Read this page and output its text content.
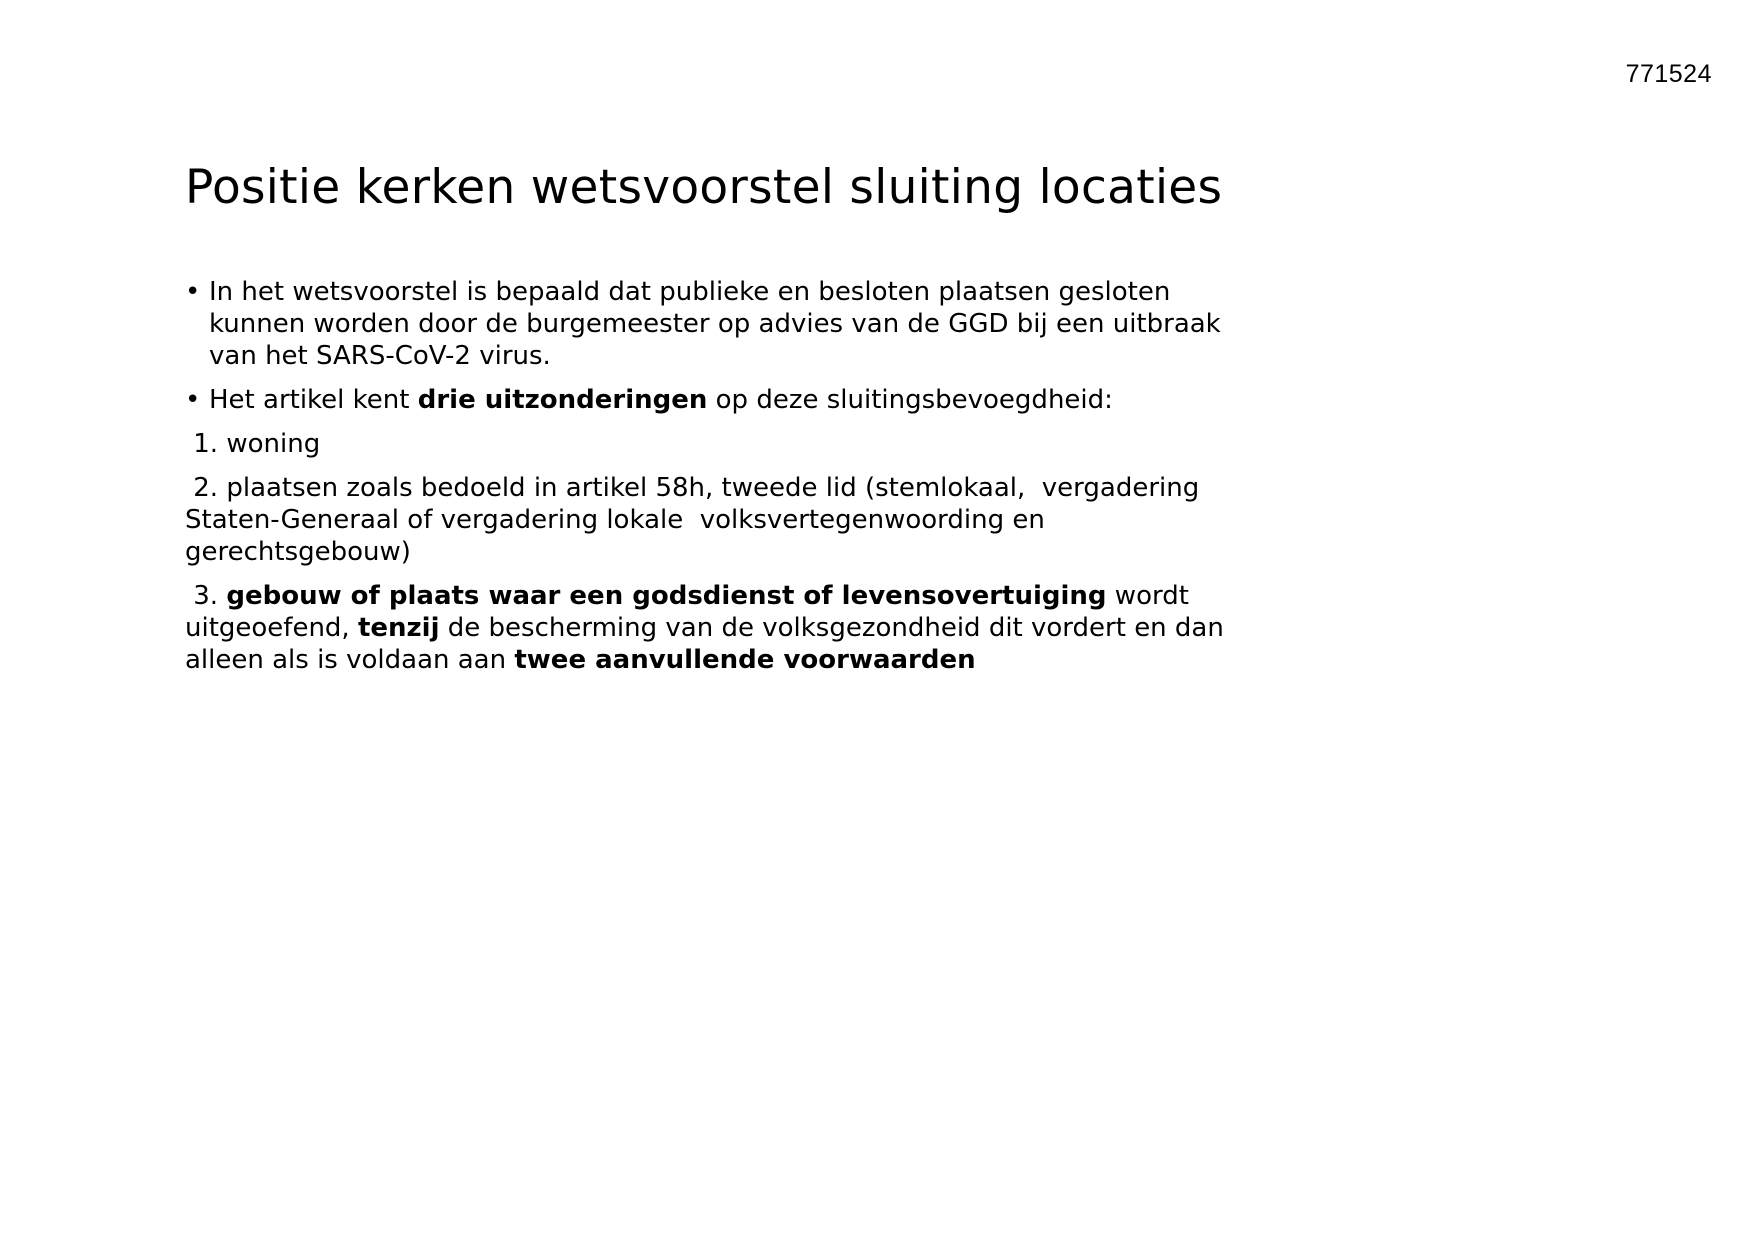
771524
Positie kerken wetsvoorstel sluiting locaties
• In het wetsvoorstel is bepaald dat publieke en besloten plaatsen gesloten kunnen worden door de burgemeester op advies van de GGD bij een uitbraak van het SARS-CoV-2 virus.
• Het artikel kent drie uitzonderingen op deze sluitingsbevoegdheid:
1. woning
2. plaatsen zoals bedoeld in artikel 58h, tweede lid (stemlokaal,  vergadering Staten-Generaal of vergadering lokale  volksvertegenwoording en gerechtsgebouw)
3. gebouw of plaats waar een godsdienst of levensovertuiging wordt uitgeoefend, tenzij de bescherming van de volksgezondheid dit vordert en dan alleen als is voldaan aan twee aanvullende voorwaarden
